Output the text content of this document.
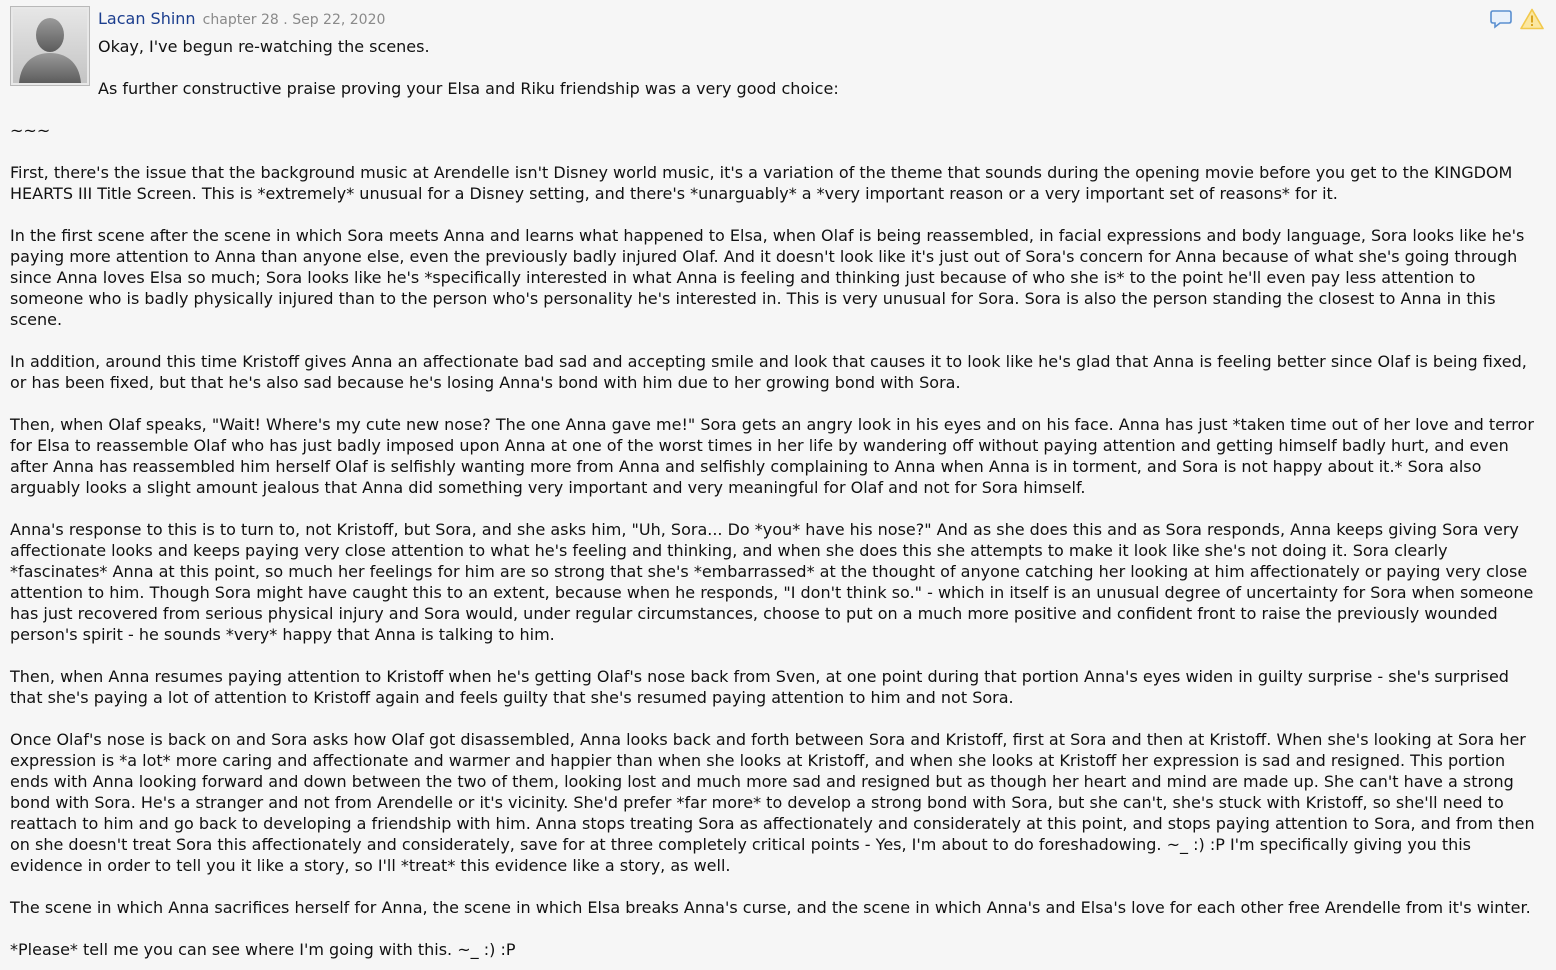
Lacan Shinn chapter 28 . Sep 22, 2020

Okay, I've begun re-watching the scenes.

As further constructive praise proving your Elsa and Riku friendship was a very good choice:

~~~

First, there's the issue that the background music at Arendelle isn't Disney world music, it's a variation of the theme that sounds during the opening movie before you get to the KINGDOM HEARTS III Title Screen. This is *extremely* unusual for a Disney setting, and there's *unarguably* a *very important reason or a very important set of reasons* for it.

In the first scene after the scene in which Sora meets Anna and learns what happened to Elsa, when Olaf is being reassembled, in facial expressions and body language, Sora looks like he's paying more attention to Anna than anyone else, even the previously badly injured Olaf. And it doesn't look like it's just out of Sora's concern for Anna because of what she's going through since Anna loves Elsa so much; Sora looks like he's *specifically interested in what Anna is feeling and thinking just because of who she is* to the point he'll even pay less attention to someone who is badly physically injured than to the person who's personality he's interested in. This is very unusual for Sora. Sora is also the person standing the closest to Anna in this scene.

In addition, around this time Kristoff gives Anna an affectionate bad sad and accepting smile and look that causes it to look like he's glad that Anna is feeling better since Olaf is being fixed, or has been fixed, but that he's also sad because he's losing Anna's bond with him due to her growing bond with Sora.

Then, when Olaf speaks, "Wait! Where's my cute new nose? The one Anna gave me!" Sora gets an angry look in his eyes and on his face. Anna has just *taken time out of her love and terror for Elsa to reassemble Olaf who has just badly imposed upon Anna at one of the worst times in her life by wandering off without paying attention and getting himself badly hurt, and even after Anna has reassembled him herself Olaf is selfishly wanting more from Anna and selfishly complaining to Anna when Anna is in torment, and Sora is not happy about it.* Sora also arguably looks a slight amount jealous that Anna did something very important and very meaningful for Olaf and not for Sora himself.

Anna's response to this is to turn to, not Kristoff, but Sora, and she asks him, "Uh, Sora... Do *you* have his nose?" And as she does this and as Sora responds, Anna keeps giving Sora very affectionate looks and keeps paying very close attention to what he's feeling and thinking, and when she does this she attempts to make it look like she's not doing it. Sora clearly *fascinates* Anna at this point, so much her feelings for him are so strong that she's *embarrassed* at the thought of anyone catching her looking at him affectionately or paying very close attention to him. Though Sora might have caught this to an extent, because when he responds, "I don't think so." - which in itself is an unusual degree of uncertainty for Sora when someone has just recovered from serious physical injury and Sora would, under regular circumstances, choose to put on a much more positive and confident front to raise the previously wounded person's spirit - he sounds *very* happy that Anna is talking to him.

Then, when Anna resumes paying attention to Kristoff when he's getting Olaf's nose back from Sven, at one point during that portion Anna's eyes widen in guilty surprise - she's surprised that she's paying a lot of attention to Kristoff again and feels guilty that she's resumed paying attention to him and not Sora.

Once Olaf's nose is back on and Sora asks how Olaf got disassembled, Anna looks back and forth between Sora and Kristoff, first at Sora and then at Kristoff. When she's looking at Sora her expression is *a lot* more caring and affectionate and warmer and happier than when she looks at Kristoff, and when she looks at Kristoff her expression is sad and resigned. This portion ends with Anna looking forward and down between the two of them, looking lost and much more sad and resigned but as though her heart and mind are made up. She can't have a strong bond with Sora. He's a stranger and not from Arendelle or it's vicinity. She'd prefer *far more* to develop a strong bond with Sora, but she can't, she's stuck with Kristoff, so she'll need to reattach to him and go back to developing a friendship with him. Anna stops treating Sora as affectionately and considerately at this point, and stops paying attention to Sora, and from then on she doesn't treat Sora this affectionately and considerately, save for at three completely critical points - Yes, I'm about to do foreshadowing. ~_ :) :P I'm specifically giving you this evidence in order to tell you it like a story, so I'll *treat* this evidence like a story, as well.

The scene in which Anna sacrifices herself for Anna, the scene in which Elsa breaks Anna's curse, and the scene in which Anna's and Elsa's love for each other free Arendelle from it's winter.

*Please* tell me you can see where I'm going with this. ~_ :) :P
